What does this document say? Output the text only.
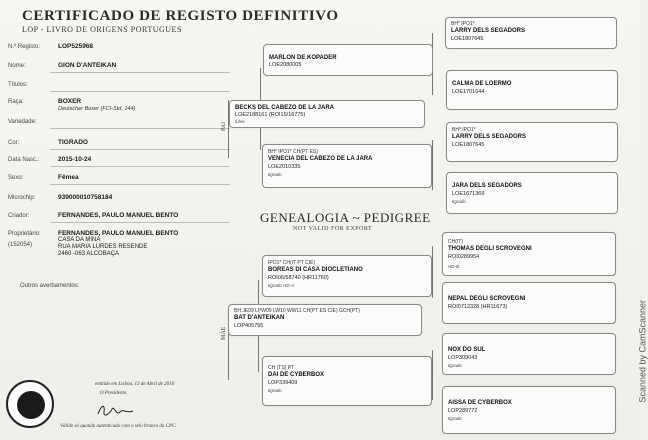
CERTIFICADO DE REGISTO DEFINITIVO
LOP - LIVRO DE ORIGENS PORTUGUES
N.º Registo:	LOP525968
Nome:	GION D'ANTEIKAN
Títulos:
Raça:	BOXER
Deutscher Boxer (FCI-Std. 144)
Variedade:
Cor:	TIGRADO
Data Nasc.:	2015-10-24
Sexo:	Fêmea
Microchip:	939000010758184
Criador:	FERNANDES, PAULO MANUEL BENTO
Proprietário:
(152054)
FERNANDES, PAULO MANUEL BENTO
CASA DA MINA
RUA MARIA LURDES RESENDE
2460 -063 ALCOBAÇA
Outros averbamentos:
GENEALOGIA ~ PEDIGREE
NOT VALID FOR EXPORT
PAI
MÃE
BECKS DEL CABEZO DE LA JARA
LOE2188161 (ROI15/16775)
fulvo
BH JE09 LPW09 LW10 WW11 CH(PT ES CIE) GCH(PT)
BAT D'ANTEIKAN
LOP405755
MARLON DE KOPADER
LOE2080005
BH* IPO1* CH(PT ES)
VENECIA DEL CABEZO DE LA JARA
LOE2010335
tigrado
IPO1* CH(IT PT CIE)
BOREAS DI CASA DIOCLETIANO
ROI06/58740 (HR11760)
tigrado HD-A
CH (TS) PT
DAI DE CYBERBOX
LOP339409
tigrado
BH* IPO1*
LARRY DELS SEGADORS
LOE1807645
CALMA DE LOERMO
LOE1701644
BH* IPO1*
LARRY DELS SEGADORS
LOE1807645
JARA DELS SEGADORS
LOE1671369
tigrado
CH(IT)
THOMAS DEGLI SCROVEGNI
ROI0289954
HD-B
NEPAL DEGLI SCROVEGNI
ROI0712328 (HR11673)
NOX DO SUL
LOP309043
tigrado
AISSA DE CYBERBOX
LOP289772
tigrado
emitido em Lisboa, 13 de Abril de 2016
O Presidente,
Válido só quando autenticado com o selo branco do CPC.
Scanned by CamScanner
